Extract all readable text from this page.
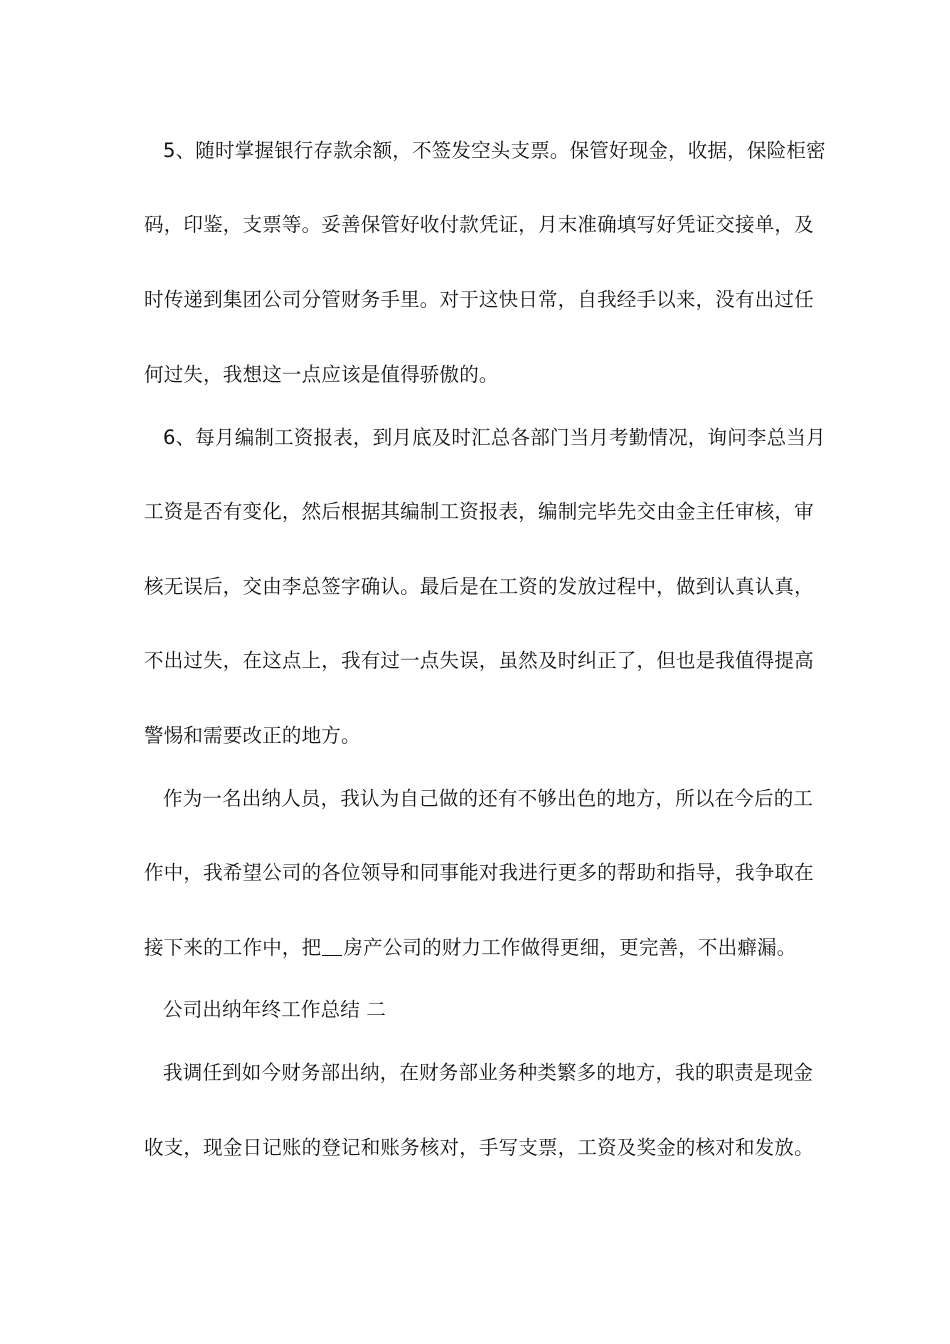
5、随时掌握银行存款余额，不签发空头支票。保管好现金，收据，保险柜密
码，印鉴，支票等。妥善保管好收付款凭证，月末准确填写好凭证交接单，及
时传递到集团公司分管财务手里。对于这快日常，自我经手以来，没有出过任
何过失，我想这一点应该是值得骄傲的。
6、每月编制工资报表，到月底及时汇总各部门当月考勤情况，询问李总当月
工资是否有变化，然后根据其编制工资报表，编制完毕先交由金主任审核，审
核无误后，交由李总签字确认。最后是在工资的发放过程中，做到认真认真，
不出过失，在这点上，我有过一点失误，虽然及时纠正了，但也是我值得提高
警惕和需要改正的地方。
作为一名出纳人员，我认为自己做的还有不够出色的地方，所以在今后的工
作中，我希望公司的各位领导和同事能对我进行更多的帮助和指导，我争取在
接下来的工作中，把 房产公司的财力工作做得更细，更完善，不出癖漏。
公司出纳年终工作总结 二
我调任到如今财务部出纳，在财务部业务种类繁多的地方，我的职责是现金
收支，现金日记账的登记和账务核对，手写支票，工资及奖金的核对和发放。
